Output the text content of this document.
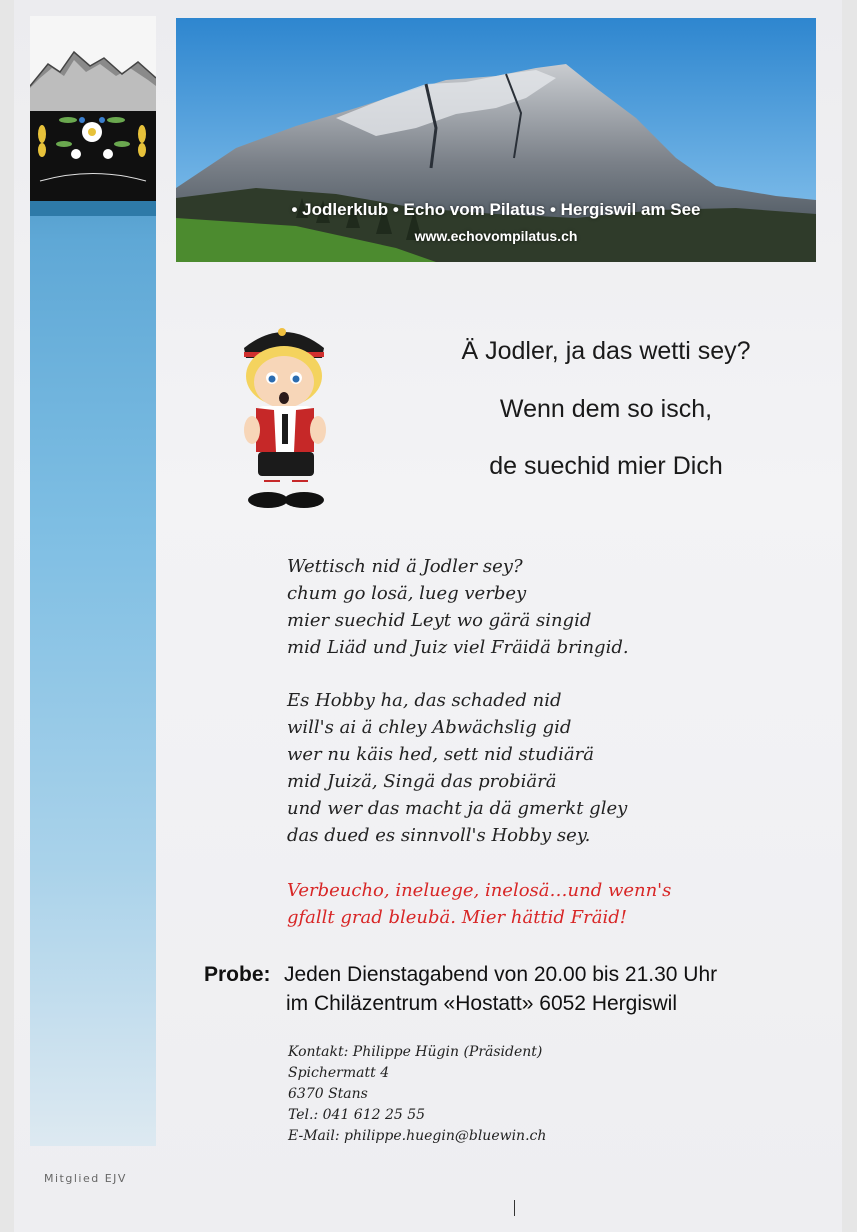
• Jodlerklub • Echo vom Pilatus • Hergiswil am See
www.echovompilatus.ch
Ä Jodler, ja das wetti sey?
Wenn dem so isch,
de suechid mier Dich
Wettisch nid ä Jodler sey?
chum go losä, lueg verbey
mier suechid Leyt wo gärä singid
mid Liäd und Juiz viel Fräidä bringid.
Es Hobby ha, das schaded nid
will's ai ä chley Abwächslig gid
wer nu käis hed, sett nid studiärä
mid Juizä, Singä das probiärä
und wer das macht ja dä gmerkt gley
das dued es sinnvoll's Hobby sey.
Verbeucho, ineluege, inelosä…und wenn's
gfallt grad bleubä. Mier hättid Fräid!
Probe: Jeden Dienstagabend von 20.00 bis 21.30 Uhr
im Chiläzentrum «Hostatt» 6052 Hergiswil
Kontakt: Philippe Hügin (Präsident)
Spichermatt 4
6370 Stans
Tel.: 041 612 25 55
E-Mail: philippe.huegin@bluewin.ch
Mitglied EJV
